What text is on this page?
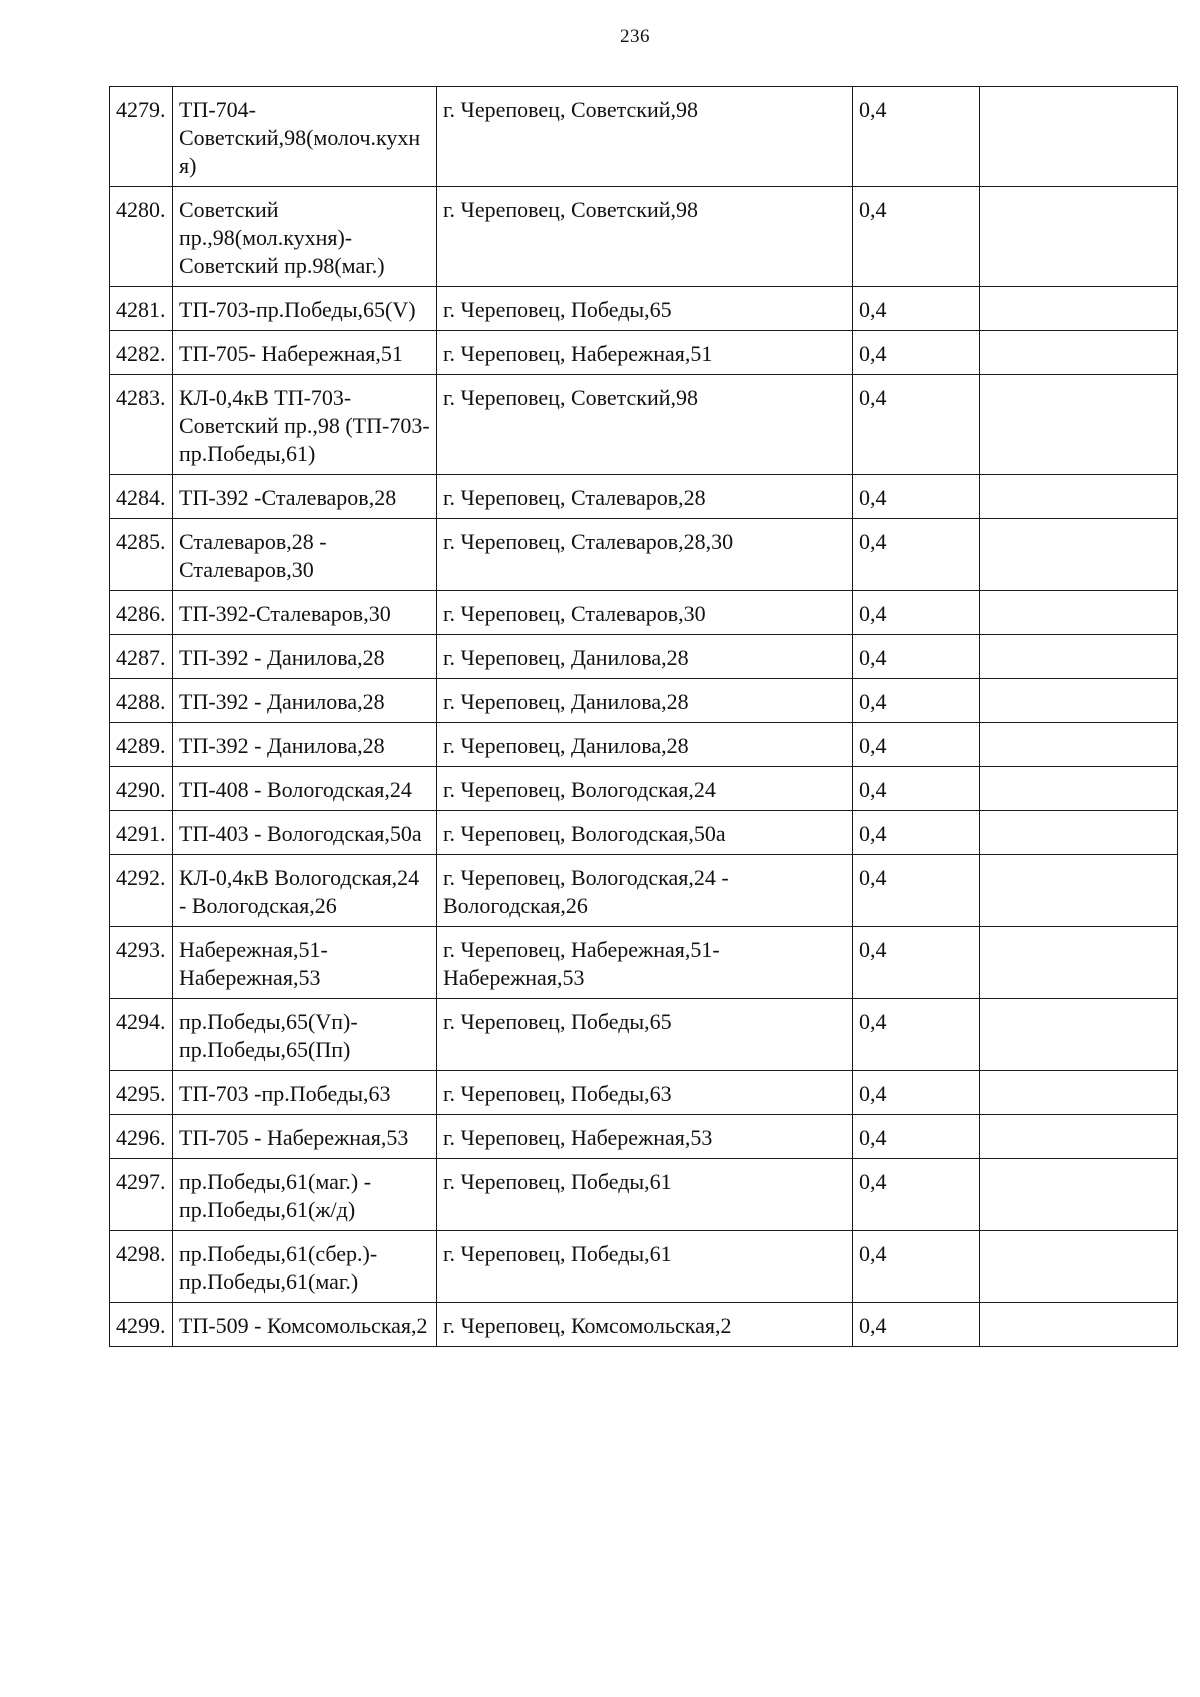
236
4279.	ТП-704-Советский,98(молоч.кухня)	г. Череповец, Советский,98	0,4	
4280.	Советский пр.,98(мол.кухня)-Советский пр.98(маг.)	г. Череповец, Советский,98	0,4	
4281.	ТП-703-пр.Победы,65(V)	г. Череповец, Победы,65	0,4	
4282.	ТП-705- Набережная,51	г. Череповец, Набережная,51	0,4	
4283.	КЛ-0,4кВ ТП-703-Советский пр.,98 (ТП-703- пр.Победы,61)	г. Череповец, Советский,98	0,4	
4284.	ТП-392 -Сталеваров,28	г. Череповец, Сталеваров,28	0,4	
4285.	Сталеваров,28 - Сталеваров,30	г. Череповец, Сталеваров,28,30	0,4	
4286.	ТП-392-Сталеваров,30	г. Череповец, Сталеваров,30	0,4	
4287.	ТП-392 - Данилова,28	г. Череповец, Данилова,28	0,4	
4288.	ТП-392 - Данилова,28	г. Череповец, Данилова,28	0,4	
4289.	ТП-392 - Данилова,28	г. Череповец, Данилова,28	0,4	
4290.	ТП-408 - Вологодская,24	г. Череповец, Вологодская,24	0,4	
4291.	ТП-403 - Вологодская,50а	г. Череповец, Вологодская,50а	0,4	
4292.	КЛ-0,4кВ Вологодская,24 - Вологодская,26	г. Череповец, Вологодская,24 - Вологодская,26	0,4	
4293.	Набережная,51-Набережная,53	г. Череповец, Набережная,51-Набережная,53	0,4	
4294.	пр.Победы,65(Vп)-пр.Победы,65(Пп)	г. Череповец, Победы,65	0,4	
4295.	ТП-703 -пр.Победы,63	г. Череповец, Победы,63	0,4	
4296.	ТП-705 - Набережная,53	г. Череповец, Набережная,53	0,4	
4297.	пр.Победы,61(маг.) - пр.Победы,61(ж/д)	г. Череповец, Победы,61	0,4	
4298.	пр.Победы,61(сбер.)-пр.Победы,61(маг.)	г. Череповец, Победы,61	0,4	
4299.	ТП-509 - Комсомольская,2	г. Череповец, Комсомольская,2	0,4	
